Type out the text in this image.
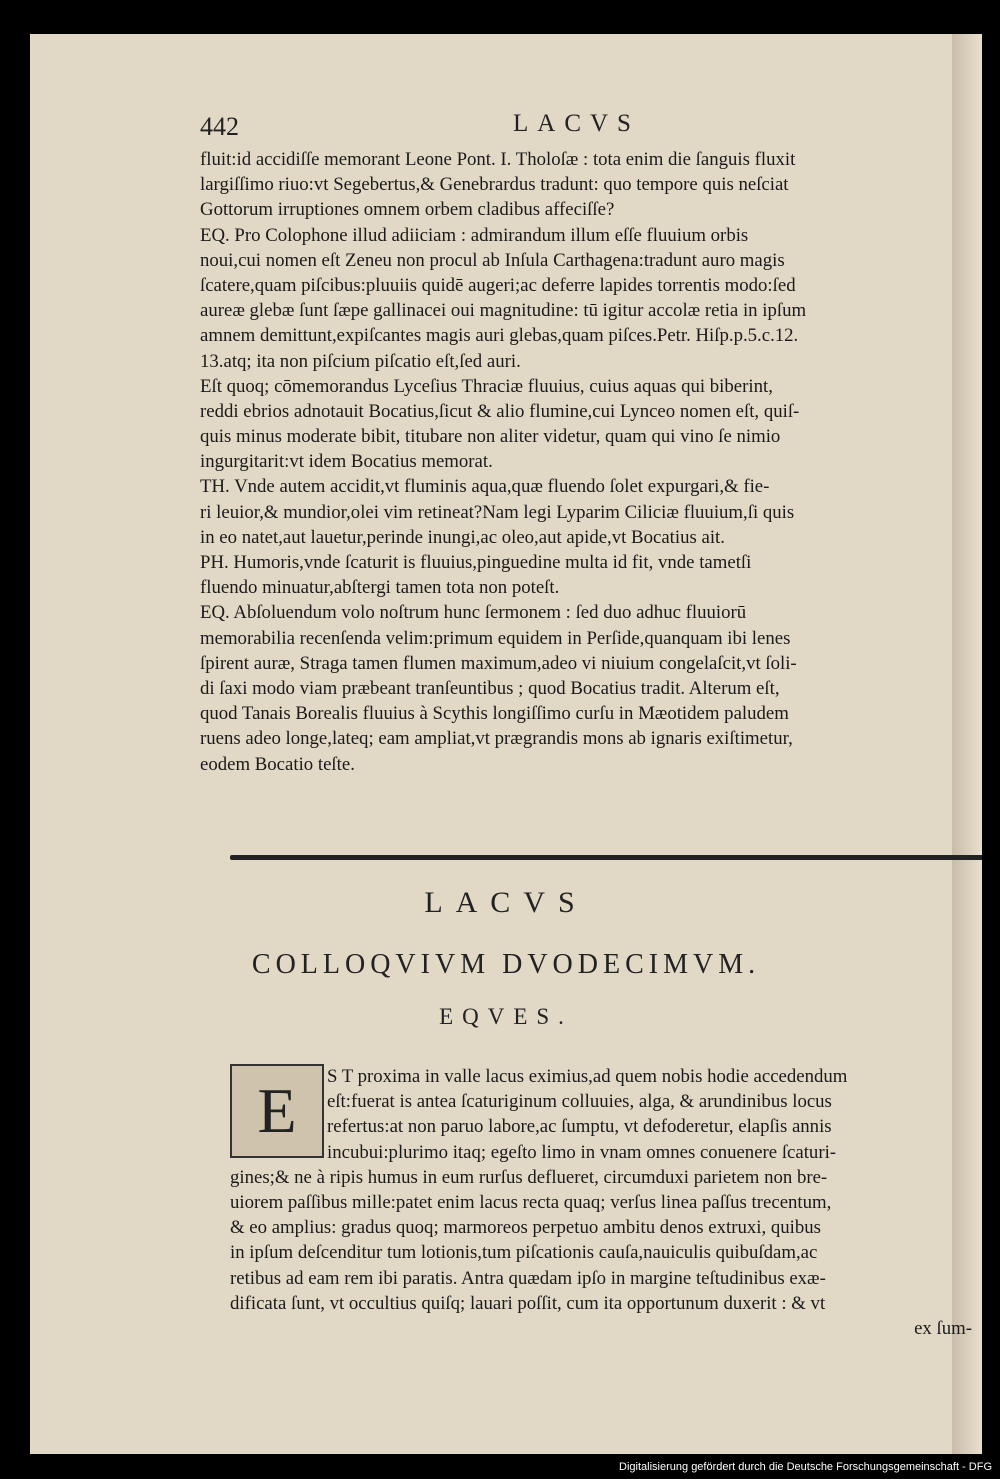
442	LACVS
fluit:id accidiſſe memorant Leone Pont. I. Tholoſæ : tota enim die ſanguis fluxit
largiſſimo riuo:vt Segebertus,& Genebrardus tradunt: quo tempore quis neſciat
Gottorum irruptiones omnem orbem cladibus affeciſſe?
EQ. Pro Colophone illud adiiciam : admirandum illum eſſe fluuium orbis
noui,cui nomen eſt Zeneu non procul ab Inſula Carthagena:tradunt auro magis
ſcatere,quam piſcibus:pluuiis quidē augeri;ac deferre lapides torrentis modo:ſed
aureæ glebæ ſunt ſæpe gallinacei oui magnitudine: tū igitur accolæ retia in ipſum
amnem demittunt,expiſcantes magis auri glebas,quam piſces.Petr. Hiſp.p.5.c.12.
13.atq; ita non piſcium piſcatio eſt,ſed auri.
Eſt quoq; cōmemorandus Lyceſius Thraciæ fluuius, cuius aquas qui biberint,
reddi ebrios adnotauit Bocatius,ſicut & alio flumine,cui Lynceo nomen eſt, quiſ-
quis minus moderate bibit, titubare non aliter videtur, quam qui vino ſe nimio
ingurgitarit:vt idem Bocatius memorat.
TH. Vnde autem accidit,vt fluminis aqua,quæ fluendo ſolet expurgari,& fie-
ri leuior,& mundior,olei vim retineat?Nam legi Lyparim Ciliciæ fluuium,ſi quis
in eo natet,aut lauetur,perinde inungi,ac oleo,aut apide,vt Bocatius ait.
PH. Humoris,vnde ſcaturit is fluuius,pinguedine multa id fit, vnde tametſi
fluendo minuatur,abſtergi tamen tota non poteſt.
EQ. Abſoluendum volo noſtrum hunc ſermonem : ſed duo adhuc fluuiorū
memorabilia recenſenda velim:primum equidem in Perſide,quanquam ibi lenes
ſpirent auræ, Straga tamen flumen maximum,adeo vi niuium congelaſcit,vt ſoli-
di ſaxi modo viam præbeant tranſeuntibus ; quod Bocatius tradit. Alterum eſt,
quod Tanais Borealis fluuius à Scythis longiſſimo curſu in Mæotidem paludem
ruens adeo longe,lateq; eam ampliat,vt prægrandis mons ab ignaris exiſtimetur,
eodem Bocatio teſte.
LACVS
COLLOQVIVM DVODECIMVM.
EQVES.
S T proxima in valle lacus eximius,ad quem nobis hodie accedendum
eſt:fuerat is antea ſcaturiginum colluuies, alga, & arundinibus locus
refertus:at non paruo labore,ac ſumptu, vt defoderetur, elapſis annis
incubui:plurimo itaq; egeſto limo in vnam omnes conuenere ſcaturi-
gines;& ne à ripis humus in eum rurſus deflueret, circumduxi parietem non bre-
uiorem paſſibus mille:patet enim lacus recta quaq; verſus linea paſſus trecentum,
& eo amplius: gradus quoq; marmoreos perpetuo ambitu denos extruxi, quibus
in ipſum deſcenditur tum lotionis,tum piſcationis cauſa,nauiculis quibuſdam,ac
retibus ad eam rem ibi paratis. Antra quædam ipſo in margine teſtudinibus exæ-
dificata ſunt, vt occultius quiſq; lauari poſſit, cum ita opportunum duxerit : & vt
ex ſum-
E
Digitalisierung gefördert durch die Deutsche Forschungsgemeinschaft - DFG
